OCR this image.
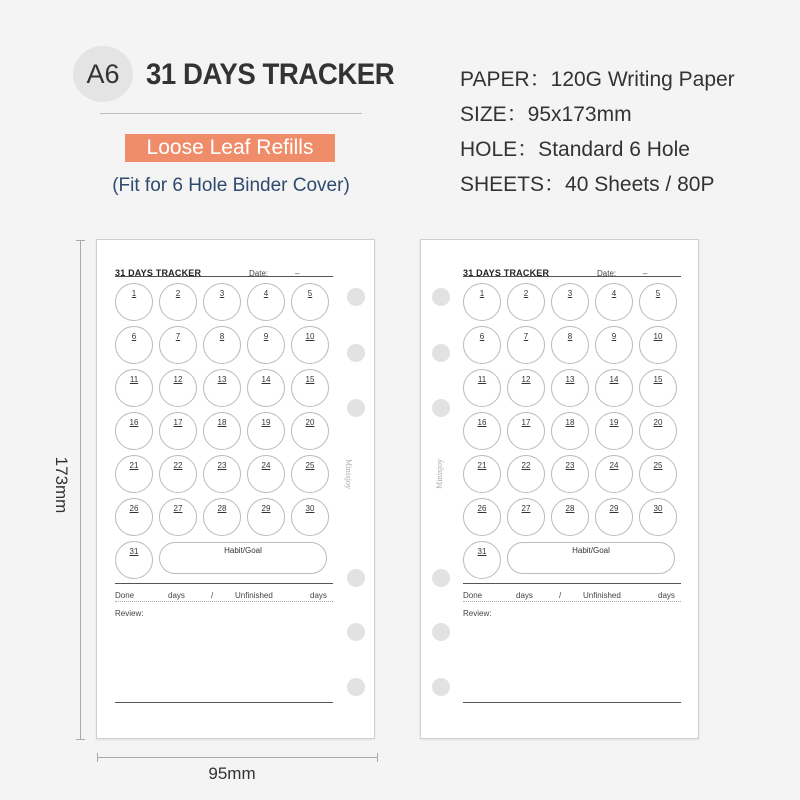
A6 31 DAYS TRACKER
Loose Leaf Refills
(Fit for 6 Hole Binder Cover)
PAPER：120G Writing Paper
SIZE：95x173mm
HOLE：Standard 6 Hole
SHEETS：40 Sheets / 80P
173mm
95mm
31 DAYS TRACKER	Date:	–
1	2	3	4	5
6	7	8	9	10
11	12	13	14	15
16	17	18	19	20
21	22	23	24	25
26	27	28	29	30
31	Habit/Goal
Done	days	/	Unfinished	days
Review:
Minisjoy
31 DAYS TRACKER	Date:	–
1	2	3	4	5
6	7	8	9	10
11	12	13	14	15
16	17	18	19	20
21	22	23	24	25
26	27	28	29	30
31	Habit/Goal
Done	days	/	Unfinished	days
Review:
Minisjoy
